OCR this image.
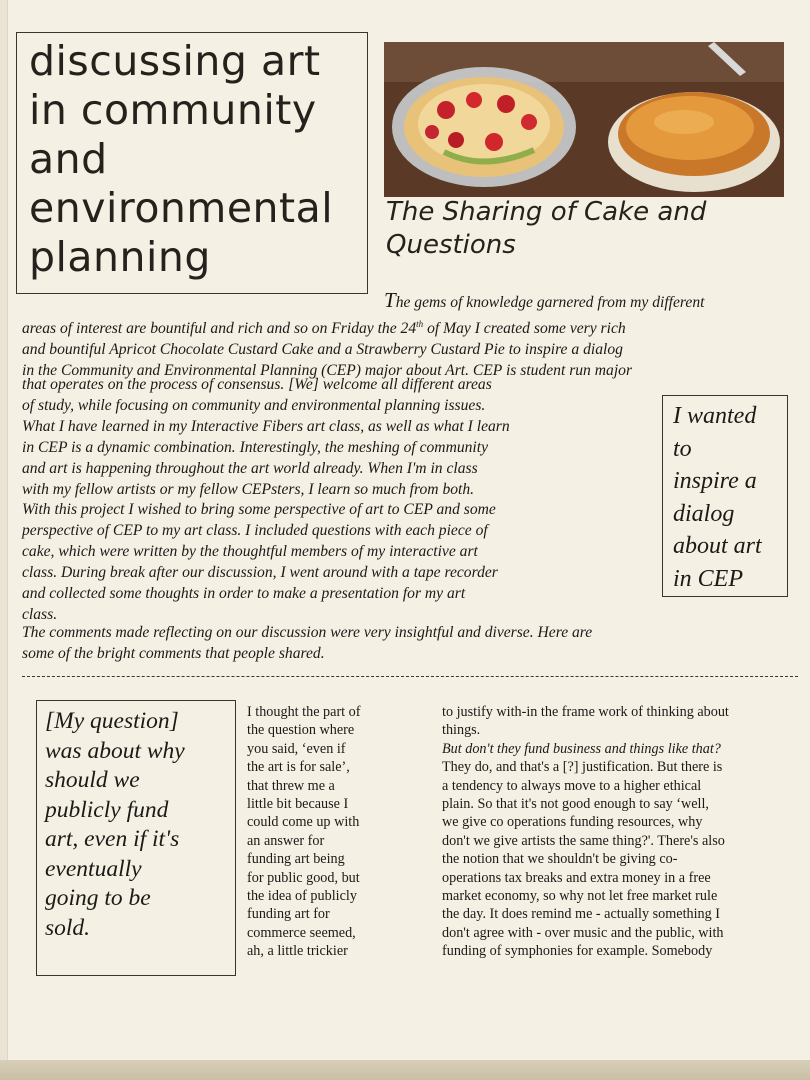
discussing art
in community
and
environmental
planning
The Sharing of Cake and
Questions
The gems of knowledge garnered from my different
areas of interest are bountiful and rich and so on Friday the 24th of May I created some very rich
and bountiful Apricot Chocolate Custard Cake and a Strawberry Custard Pie to inspire a dialog
in the Community and Environmental Planning (CEP) major about Art. CEP is student run major
that operates on the process of consensus. [We] welcome all different areas
of study, while focusing on community and environmental planning issues.
What I have learned in my Interactive Fibers art class, as well as what I learn
in CEP is a dynamic combination. Interestingly, the meshing of community
and art is happening throughout the art world already. When I'm in class
with my fellow artists or my fellow CEPsters, I learn so much from both.
With this project I wished to bring some perspective of art to CEP and some
perspective of CEP to my art class. I included questions with each piece of
cake, which were written by the thoughtful members of my interactive art
class. During break after our discussion, I went around with a tape recorder
and collected some thoughts in order to make a presentation for my art
class.
The comments made reflecting on our discussion were very insightful and diverse. Here are
some of the bright comments that people shared.
I wanted
to
inspire a
dialog
about art
in CEP
[My question]
was about why
should we
publicly fund
art, even if it's
eventually
going to be
sold.
I thought the part of
the question where
you said, ‘even if
the art is for sale’,
that threw me a
little bit because I
could come up with
an answer for
funding art being
for public good, but
the idea of publicly
funding art for
commerce seemed,
ah, a little trickier
to justify with-in the frame work of thinking about
things.
But don't they fund business and things like that?
They do, and that's a [?] justification. But there is
a tendency to always move to a higher ethical
plain. So that it's not good enough to say ‘well,
we give co operations funding resources, why
don't we give artists the same thing?'. There's also
the notion that we shouldn't be giving co-
operations tax breaks and extra money in a free
market economy, so why not let free market rule
the day. It does remind me - actually something I
don't agree with - over music and the public, with
funding of symphonies for example. Somebody
